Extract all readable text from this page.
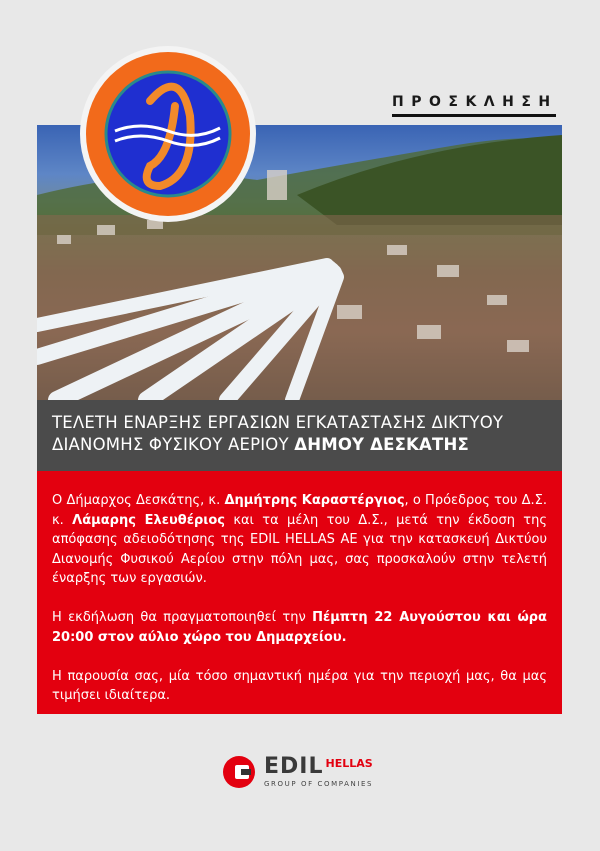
ΠΡΟΣΚΛΗΣΗ
ΤΕΛΕΤΗ ΕΝΑΡΞΗΣ ΕΡΓΑΣΙΩΝ ΕΓΚΑΤΑΣΤΑΣΗΣ ΔΙΚΤΥΟΥ
ΔΙΑΝΟΜΗΣ ΦΥΣΙΚΟΥ ΑΕΡΙΟΥ ΔΗΜΟΥ ΔΕΣΚΑΤΗΣ

Ο Δήμαρχος Δεσκάτης, κ. Δημήτρης Καραστέργιος, ο Πρόεδρος του Δ.Σ. κ. Λάμαρης Ελευθέριος και τα μέλη του Δ.Σ., μετά την έκδοση της απόφασης αδειοδότησης της EDIL HELLAS AE για την κατασκευή Δικτύου Διανομής Φυσικού Αερίου στην πόλη μας, σας προσκαλούν στην τελετή έναρξης των εργασιών.

Η εκδήλωση θα πραγματοποιηθεί την Πέμπτη 22 Αυγούστου και ώρα 20:00 στον αύλιο χώρο του Δημαρχείου.

Η παρουσία σας, μία τόσο σημαντική ημέρα για την περιοχή μας, θα μας τιμήσει ιδιαίτερα.

EDIL HELLAS
GROUP OF COMPANIES
